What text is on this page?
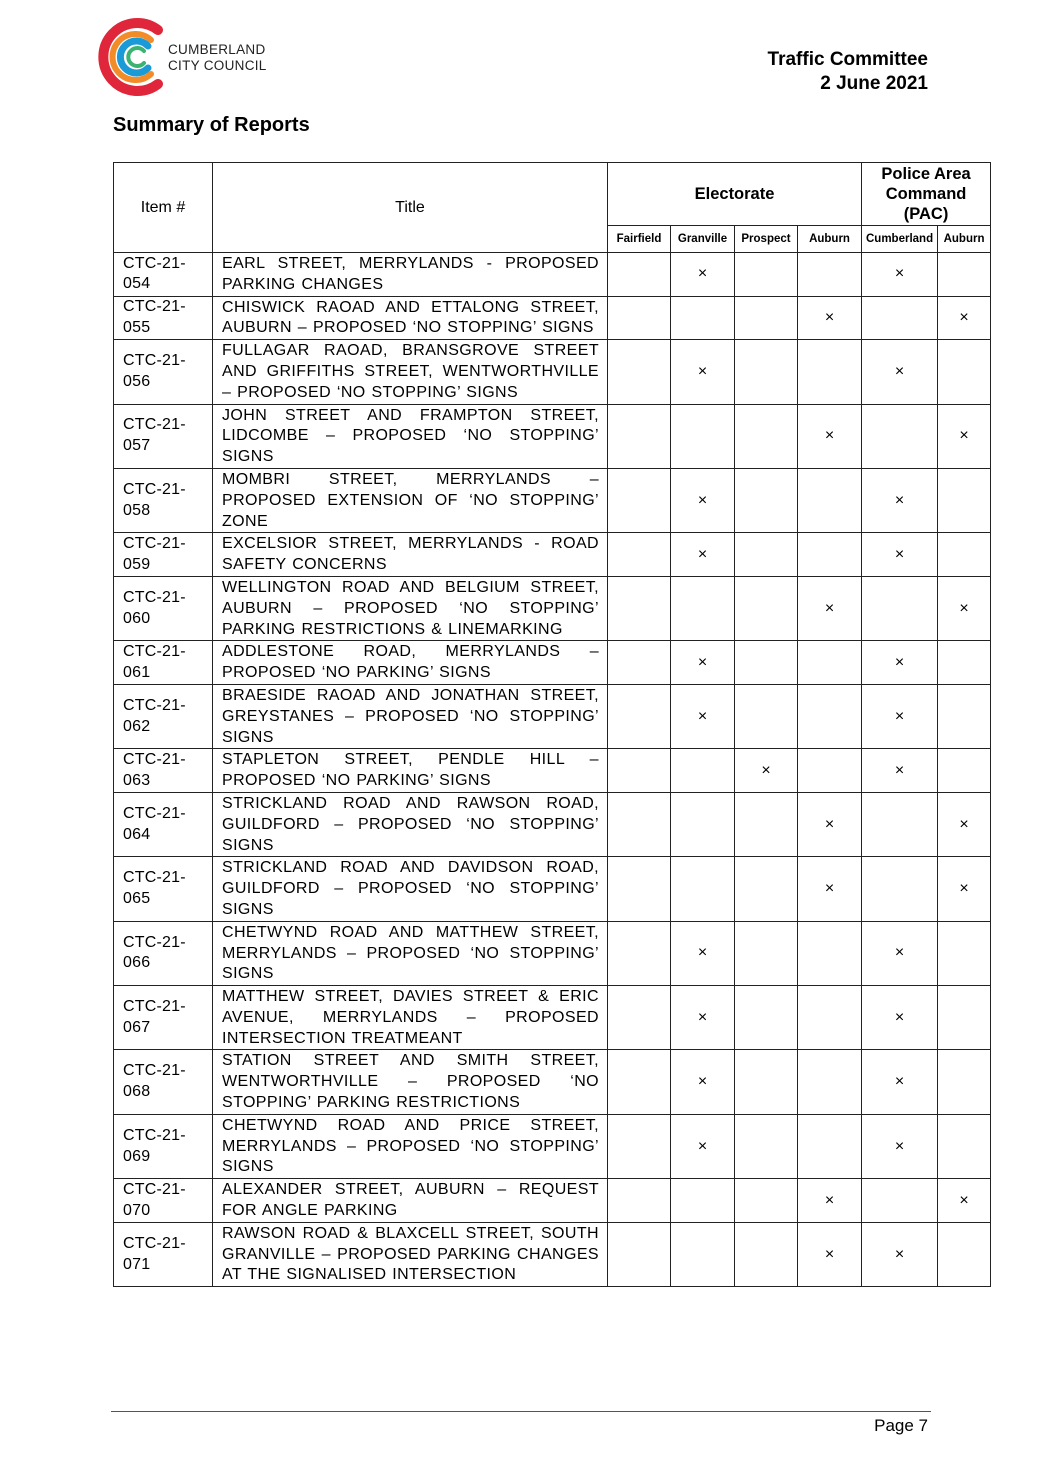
CUMBERLAND
CITY COUNCIL	Traffic Committee
2 June 2021
Summary of Reports
Item #	Title	Electorate				Police Area Command (PAC)	
		Fairfield	Granville	Prospect	Auburn	Cumberland	Auburn
CTC-21-
054	EARL STREET, MERRYLANDS - PROPOSED PARKING CHANGES		×			×	
CTC-21-
055	CHISWICK RAOAD AND ETTALONG STREET, AUBURN – PROPOSED ‘NO STOPPING’ SIGNS				×		×
CTC-21-
056	FULLAGAR RAOAD, BRANSGROVE STREET AND GRIFFITHS STREET, WENTWORTHVILLE – PROPOSED ‘NO STOPPING’ SIGNS		×			×	
CTC-21-
057	JOHN STREET AND FRAMPTON STREET, LIDCOMBE – PROPOSED ‘NO STOPPING’ SIGNS				×		×
CTC-21-
058	MOMBRI STREET, MERRYLANDS – PROPOSED EXTENSION OF ‘NO STOPPING’ ZONE		×			×	
CTC-21-
059	EXCELSIOR STREET, MERRYLANDS - ROAD SAFETY CONCERNS		×			×	
CTC-21-
060	WELLINGTON ROAD AND BELGIUM STREET, AUBURN – PROPOSED ‘NO STOPPING’ PARKING RESTRICTIONS & LINEMARKING				×		×
CTC-21-
061	ADDLESTONE ROAD, MERRYLANDS – PROPOSED ‘NO PARKING’ SIGNS		×			×	
CTC-21-
062	BRAESIDE RAOAD AND JONATHAN STREET, GREYSTANES – PROPOSED ‘NO STOPPING’ SIGNS		×			×	
CTC-21-
063	STAPLETON STREET, PENDLE HILL – PROPOSED ‘NO PARKING’ SIGNS			×		×	
CTC-21-
064	STRICKLAND ROAD AND RAWSON ROAD, GUILDFORD – PROPOSED ‘NO STOPPING’ SIGNS				×		×
CTC-21-
065	STRICKLAND ROAD AND DAVIDSON ROAD, GUILDFORD – PROPOSED ‘NO STOPPING’ SIGNS				×		×
CTC-21-
066	CHETWYND ROAD AND MATTHEW STREET, MERRYLANDS – PROPOSED ‘NO STOPPING’ SIGNS		×			×	
CTC-21-
067	MATTHEW STREET, DAVIES STREET & ERIC AVENUE, MERRYLANDS – PROPOSED INTERSECTION TREATMEANT		×			×	
CTC-21-
068	STATION STREET AND SMITH STREET, WENTWORTHVILLE – PROPOSED ‘NO STOPPING’ PARKING RESTRICTIONS		×			×	
CTC-21-
069	CHETWYND ROAD AND PRICE STREET, MERRYLANDS – PROPOSED ‘NO STOPPING’ SIGNS		×			×	
CTC-21-
070	ALEXANDER STREET, AUBURN – REQUEST FOR ANGLE PARKING				×		×
CTC-21-
071	RAWSON ROAD & BLAXCELL STREET, SOUTH GRANVILLE – PROPOSED PARKING CHANGES AT THE SIGNALISED INTERSECTION				×	×	
Page 7
